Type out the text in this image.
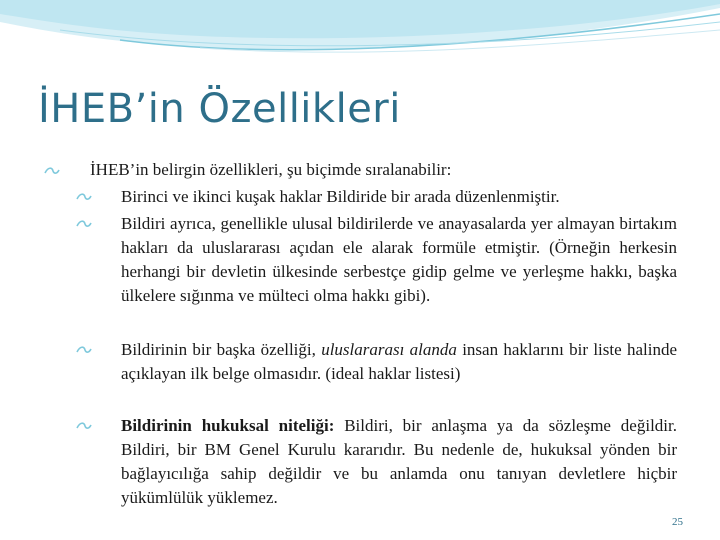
İHEB’in Özellikleri
İHEB’in belirgin özellikleri, şu biçimde sıralanabilir:
Birinci ve ikinci kuşak haklar Bildiride bir arada düzenlenmiştir.
Bildiri ayrıca, genellikle ulusal bildirilerde ve anayasalarda yer almayan birtakım hakları da uluslararası açıdan ele alarak formüle etmiştir. (Örneğin herkesin herhangi bir devletin ülkesinde serbestçe gidip gelme ve yerleşme hakkı, başka ülkelere sığınma ve mülteci olma hakkı gibi).
Bildirinin bir başka özelliği, uluslararası alanda insan haklarını bir liste halinde açıklayan ilk belge olmasıdır. (ideal haklar listesi)
Bildirinin hukuksal niteliği: Bildiri, bir anlaşma ya da sözleşme değildir. Bildiri, bir BM Genel Kurulu kararıdır. Bu nedenle de, hukuksal yönden bir bağlayıcılığa sahip değildir ve bu anlamda onu tanıyan devletlere hiçbir yükümlülük yüklemez.
25
